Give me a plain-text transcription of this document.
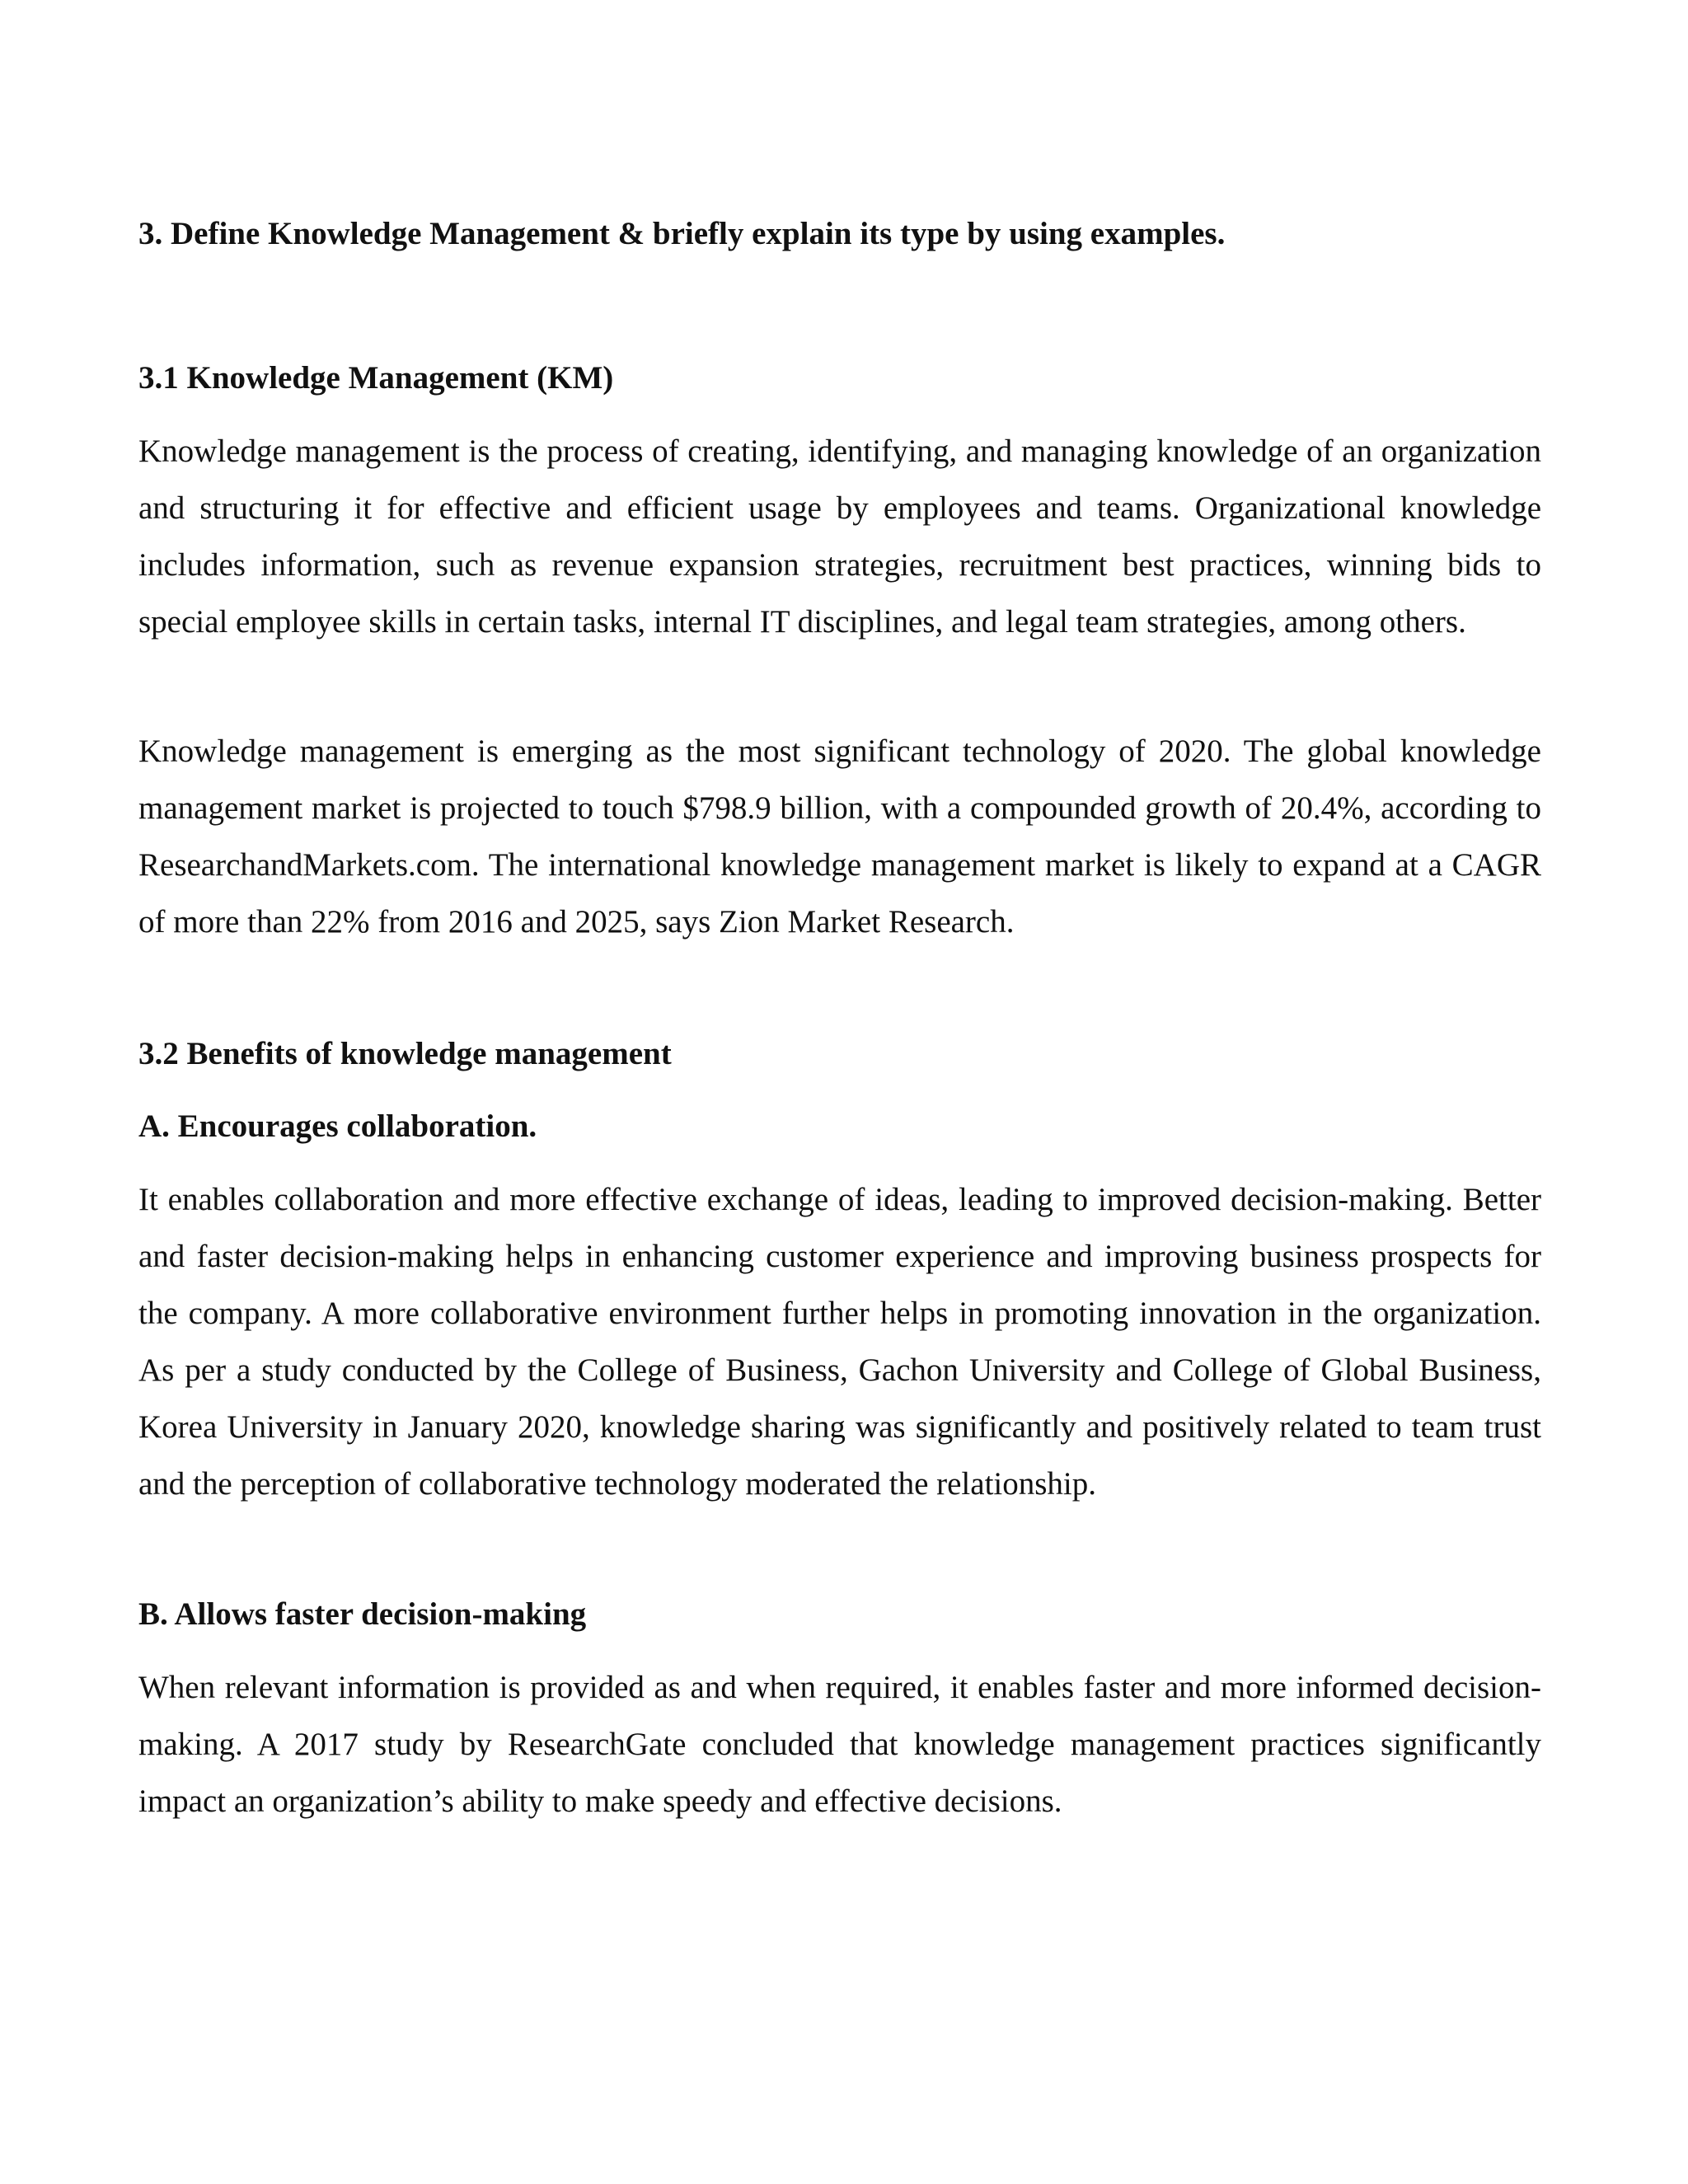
3. Define Knowledge Management & briefly explain its type by using examples.
3.1 Knowledge Management (KM)

Knowledge management is the process of creating, identifying, and managing knowledge of an organization and structuring it for effective and efficient usage by employees and teams. Organizational knowledge includes information, such as revenue expansion strategies, recruitment best practices, winning bids to special employee skills in certain tasks, internal IT disciplines, and legal team strategies, among others.

Knowledge management is emerging as the most significant technology of 2020. The global knowledge management market is projected to touch $798.9 billion, with a compounded growth of 20.4%, according to ResearchandMarkets.com. The international knowledge management market is likely to expand at a CAGR of more than 22% from 2016 and 2025, says Zion Market Research.

3.2 Benefits of knowledge management
A. Encourages collaboration.

It enables collaboration and more effective exchange of ideas, leading to improved decision-making. Better and faster decision-making helps in enhancing customer experience and improving business prospects for the company. A more collaborative environment further helps in promoting innovation in the organization. As per a study conducted by the College of Business, Gachon University and College of Global Business, Korea University in January 2020, knowledge sharing was significantly and positively related to team trust and the perception of collaborative technology moderated the relationship.

B. Allows faster decision-making

When relevant information is provided as and when required, it enables faster and more informed decision-making. A 2017 study by ResearchGate concluded that knowledge management practices significantly impact an organization’s ability to make speedy and effective decisions.
